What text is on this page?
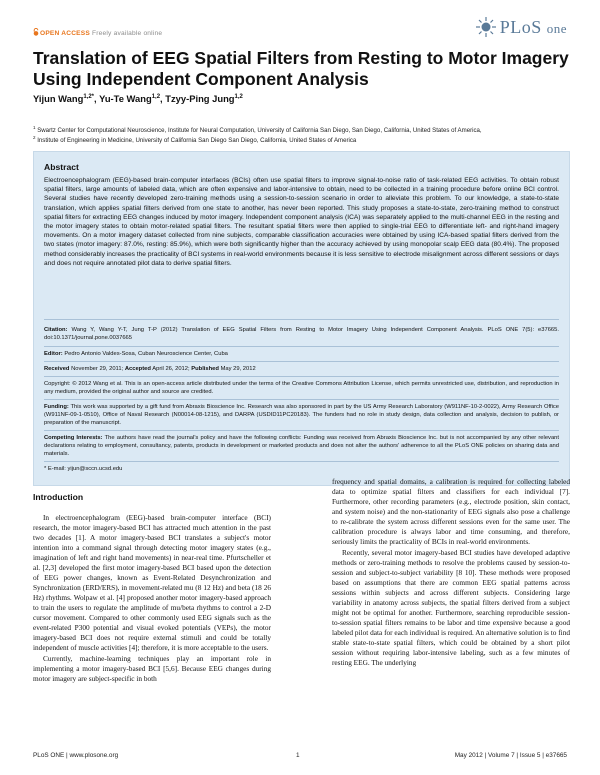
OPEN ACCESS Freely available online	PLoS one
Translation of EEG Spatial Filters from Resting to Motor Imagery Using Independent Component Analysis
Yijun Wang$^{1,2*}$, Yu-Te Wang$^{1,2}$, Tzyy-Ping Jung$^{1,2}$
$^1$ Swartz Center for Computational Neuroscience, Institute for Neural Computation, University of California San Diego, San Diego, California, United States of America,
$^2$ Institute of Engineering in Medicine, University of California San Diego San Diego, California, United States of America
Abstract

Electroencephalogram (EEG)-based brain-computer interfaces (BCIs) often use spatial filters to improve signal-to-noise ratio of task-related EEG activities. To obtain robust spatial filters, large amounts of labeled data, which are often expensive and labor-intensive to obtain, need to be collected in a training procedure before online BCI control. Several studies have recently developed zero-training methods using a session-to-session scenario in order to alleviate this problem. To our knowledge, a state-to-state translation, which applies spatial filters derived from one state to another, has never been reported. This study proposes a state-to-state, zero-training method to construct spatial filters for extracting EEG changes induced by motor imagery. Independent component analysis (ICA) was separately applied to the multi-channel EEG in the resting and the motor imagery states to obtain motor-related spatial filters. The resultant spatial filters were then applied to single-trial EEG to differentiate left- and right-hand imagery movements. On a motor imagery dataset collected from nine subjects, comparable classification accuracies were obtained by using ICA-based spatial filters derived from the two states (motor imagery: 87.0%, resting: 85.9%), which were both significantly higher than the accuracy achieved by using monopolar scalp EEG data (80.4%). The proposed method considerably increases the practicality of BCI systems in real-world environments because it is less sensitive to electrode misalignment across different sessions or days and does not require annotated pilot data to derive spatial filters.

Citation: Wang Y, Wang Y-T, Jung T-P (2012) Translation of EEG Spatial Filters from Resting to Motor Imagery Using Independent Component Analysis. PLoS ONE 7(5): e37665. doi:10.1371/journal.pone.0037665

Editor: Pedro Antonio Valdes-Sosa, Cuban Neuroscience Center, Cuba

Received November 29, 2011; Accepted April 26, 2012; Published May 29, 2012

Copyright: © 2012 Wang et al. This is an open-access article distributed under the terms of the Creative Commons Attribution License, which permits unrestricted use, distribution, and reproduction in any medium, provided the original author and source are credited.

Funding: This work was supported by a gift fund from Abraxis Bioscience Inc. Research was also sponsored in part by the US Army Research Laboratory (W911NF-10-2-0022), Army Research Office (W911NF-09-1-0510), Office of Naval Research (N00014-08-1215), and DARPA (USDID11PC20183). The funders had no role in study design, data collection and analysis, decision to publish, or preparation of the manuscript.

Competing Interests: The authors have read the journal's policy and have the following conflicts: Funding was received from Abraxis Bioscience Inc. but is not accompanied by any other relevant declarations relating to employment, consultancy, patents, products in development or marketed products and does not alter the authors' adherence to all the PLoS ONE policies on sharing data and materials.

* E-mail: yijun@sccn.ucsd.edu

Introduction

In electroencephalogram (EEG)-based brain-computer interface (BCI) research, the motor imagery-based BCI has attracted much attention in the past two decades [1]. A motor imagery-based BCI translates a subject's motor intention into a command signal through detecting motor imagery states (e.g., imagination of left and right hand movements) in near-real time. Pfurtscheller et al. [2,3] developed the first motor imagery-based BCI based upon the detection of EEG power changes, known as Event-Related Desynchronization and Synchronization (ERD/ERS), in movement-related mu (8 12 Hz) and beta (18 26 Hz) rhythms. Wolpaw et al. [4] proposed another motor imagery-based approach to train the users to regulate the amplitude of mu/beta rhythms to control a 2-D cursor movement. Compared to other commonly used EEG signals such as the event-related P300 potential and visual evoked potentials (VEPs), the motor imagery-based BCI does not require external stimuli and could be totally independent of muscle activities [4]; therefore, it is more acceptable to the users.

Currently, machine-learning techniques play an important role in implementing a motor imagery-based BCI [5,6]. Because EEG changes during motor imagery are subject-specific in both

frequency and spatial domains, a calibration is required for collecting labeled data to optimize spatial filters and classifiers for each individual [7]. Furthermore, other recording parameters (e.g., electrode position, skin contact, and system noise) and the non-stationarity of EEG signals also pose a challenge to re-calibrate the system across different sessions even for the same user. The calibration procedure is always labor and time consuming, and therefore, seriously limits the practicality of BCIs in real-world environments.

Recently, several motor imagery-based BCI studies have developed adaptive methods or zero-training methods to resolve the problems caused by session-to-session and subject-to-subject variability [8 10]. These methods were proposed based on assumptions that there are common EEG spatial patterns across sessions within subjects and across different subjects. Considering large variability in anatomy across subjects, the spatial filters derived from a subject might not be optimal for another. Furthermore, searching reproducible session-to-session spatial filters remains to be labor and time expensive because a good labeled pilot data for each individual is required. An alternative solution is to find stable state-to-state spatial filters, which could be obtained by a short pilot session without requiring labor-intensive labeling, such as a few minutes of resting EEG. The underlying

PLoS ONE | www.plosone.org	1	May 2012 | Volume 7 | Issue 5 | e37665
